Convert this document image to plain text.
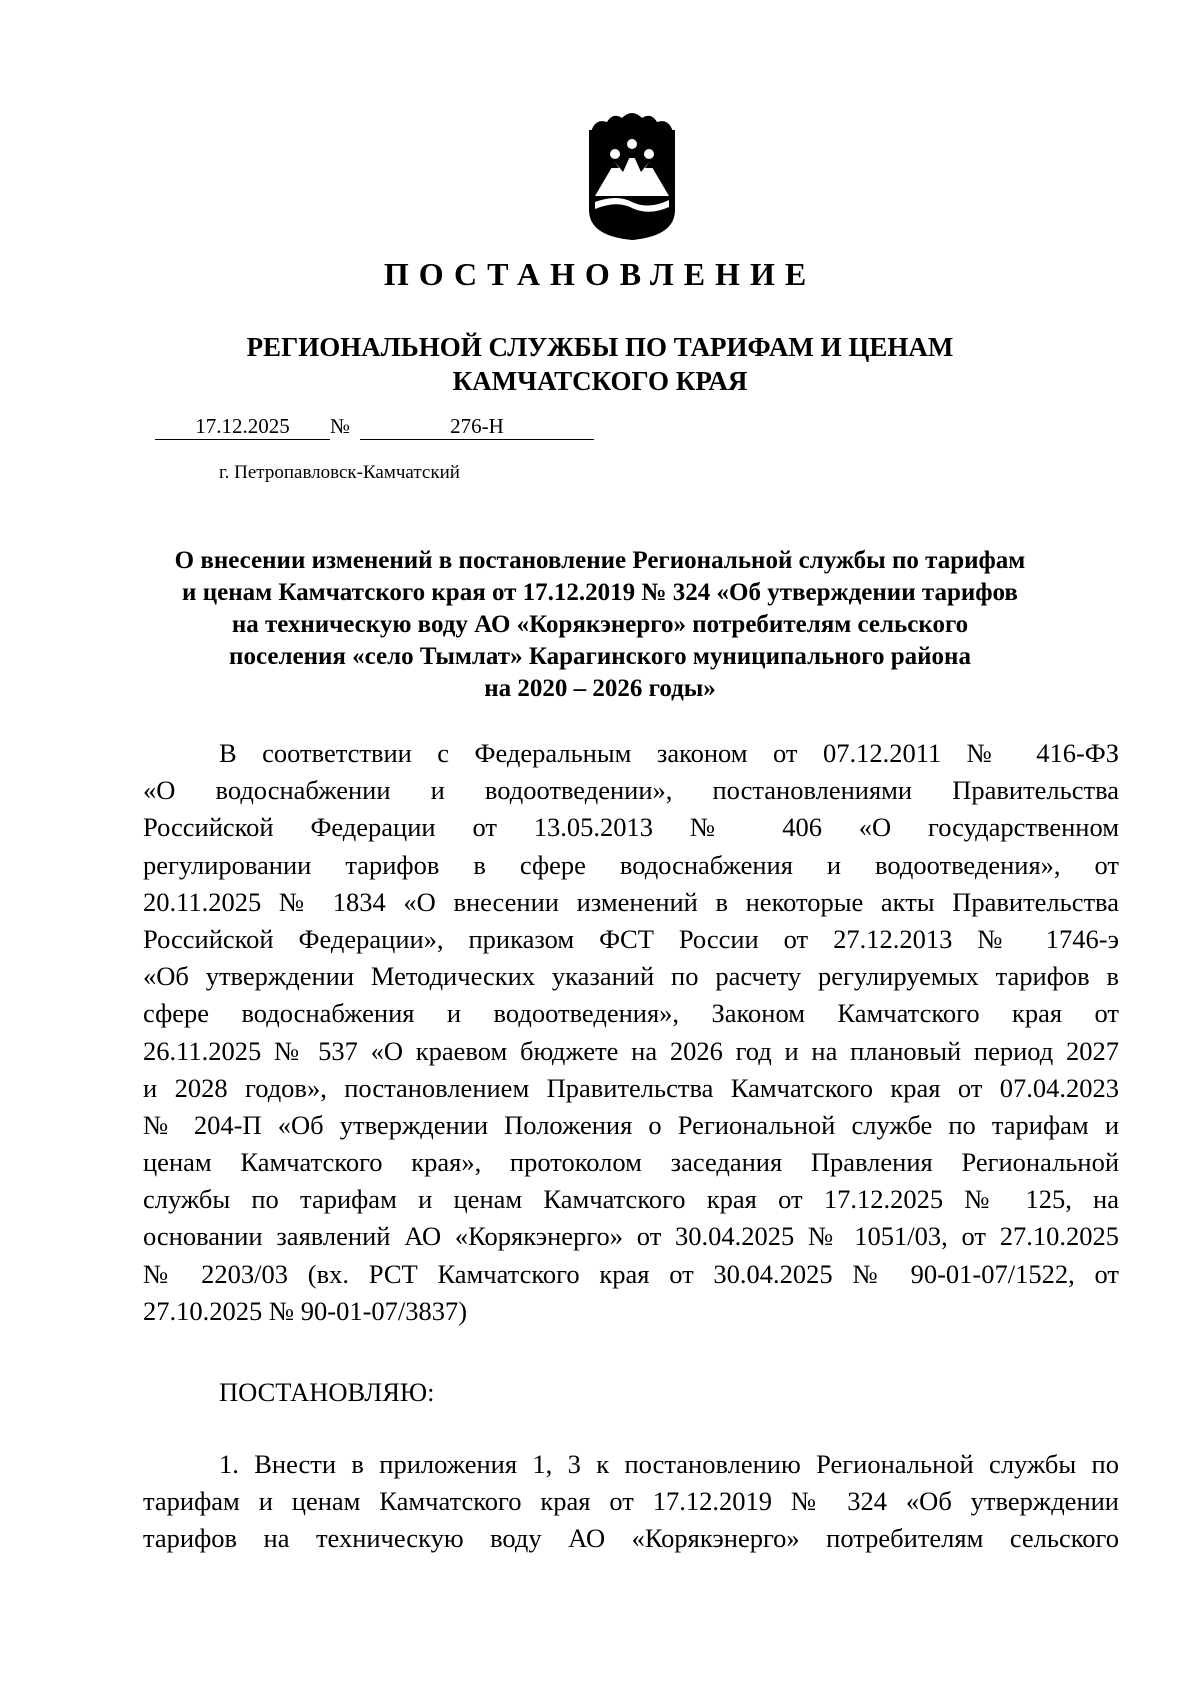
ПОСТАНОВЛЕНИЕ
РЕГИОНАЛЬНОЙ СЛУЖБЫ ПО ТАРИФАМ И ЦЕНАМ
КАМЧАТСКОГО КРАЯ
17.12.2025 №	276-Н
г. Петропавловск-Камчатский
О внесении изменений в постановление Региональной службы по тарифам
и ценам Камчатского края от 17.12.2019 № 324 «Об утверждении тарифов
на техническую воду АО «Корякэнерго» потребителям сельского
поселения «село Тымлат» Карагинского муниципального района
на 2020 – 2026 годы»
В соответствии с Федеральным законом от 07.12.2011 № 416-ФЗ
«О водоснабжении и водоотведении», постановлениями Правительства
Российской Федерации от 13.05.2013 № 406 «О государственном
регулировании тарифов в сфере водоснабжения и водоотведения», от
20.11.2025 № 1834 «О внесении изменений в некоторые акты Правительства
Российской Федерации», приказом ФСТ России от 27.12.2013 № 1746-э
«Об утверждении Методических указаний по расчету регулируемых тарифов в
сфере водоснабжения и водоотведения», Законом Камчатского края от
26.11.2025 № 537 «О краевом бюджете на 2026 год и на плановый период 2027
и 2028 годов», постановлением Правительства Камчатского края от 07.04.2023
№ 204-П «Об утверждении Положения о Региональной службе по тарифам и
ценам Камчатского края», протоколом заседания Правления Региональной
службы по тарифам и ценам Камчатского края от 17.12.2025 № 125, на
основании заявлений АО «Корякэнерго» от 30.04.2025 № 1051/03, от 27.10.2025
№ 2203/03 (вх. РСТ Камчатского края от 30.04.2025 № 90-01-07/1522, от
27.10.2025 № 90-01-07/3837)
ПОСТАНОВЛЯЮ:
1. Внести в приложения 1, 3 к постановлению Региональной службы по
тарифам и ценам Камчатского края от 17.12.2019 № 324 «Об утверждении
тарифов на техническую воду АО «Корякэнерго» потребителям сельского
